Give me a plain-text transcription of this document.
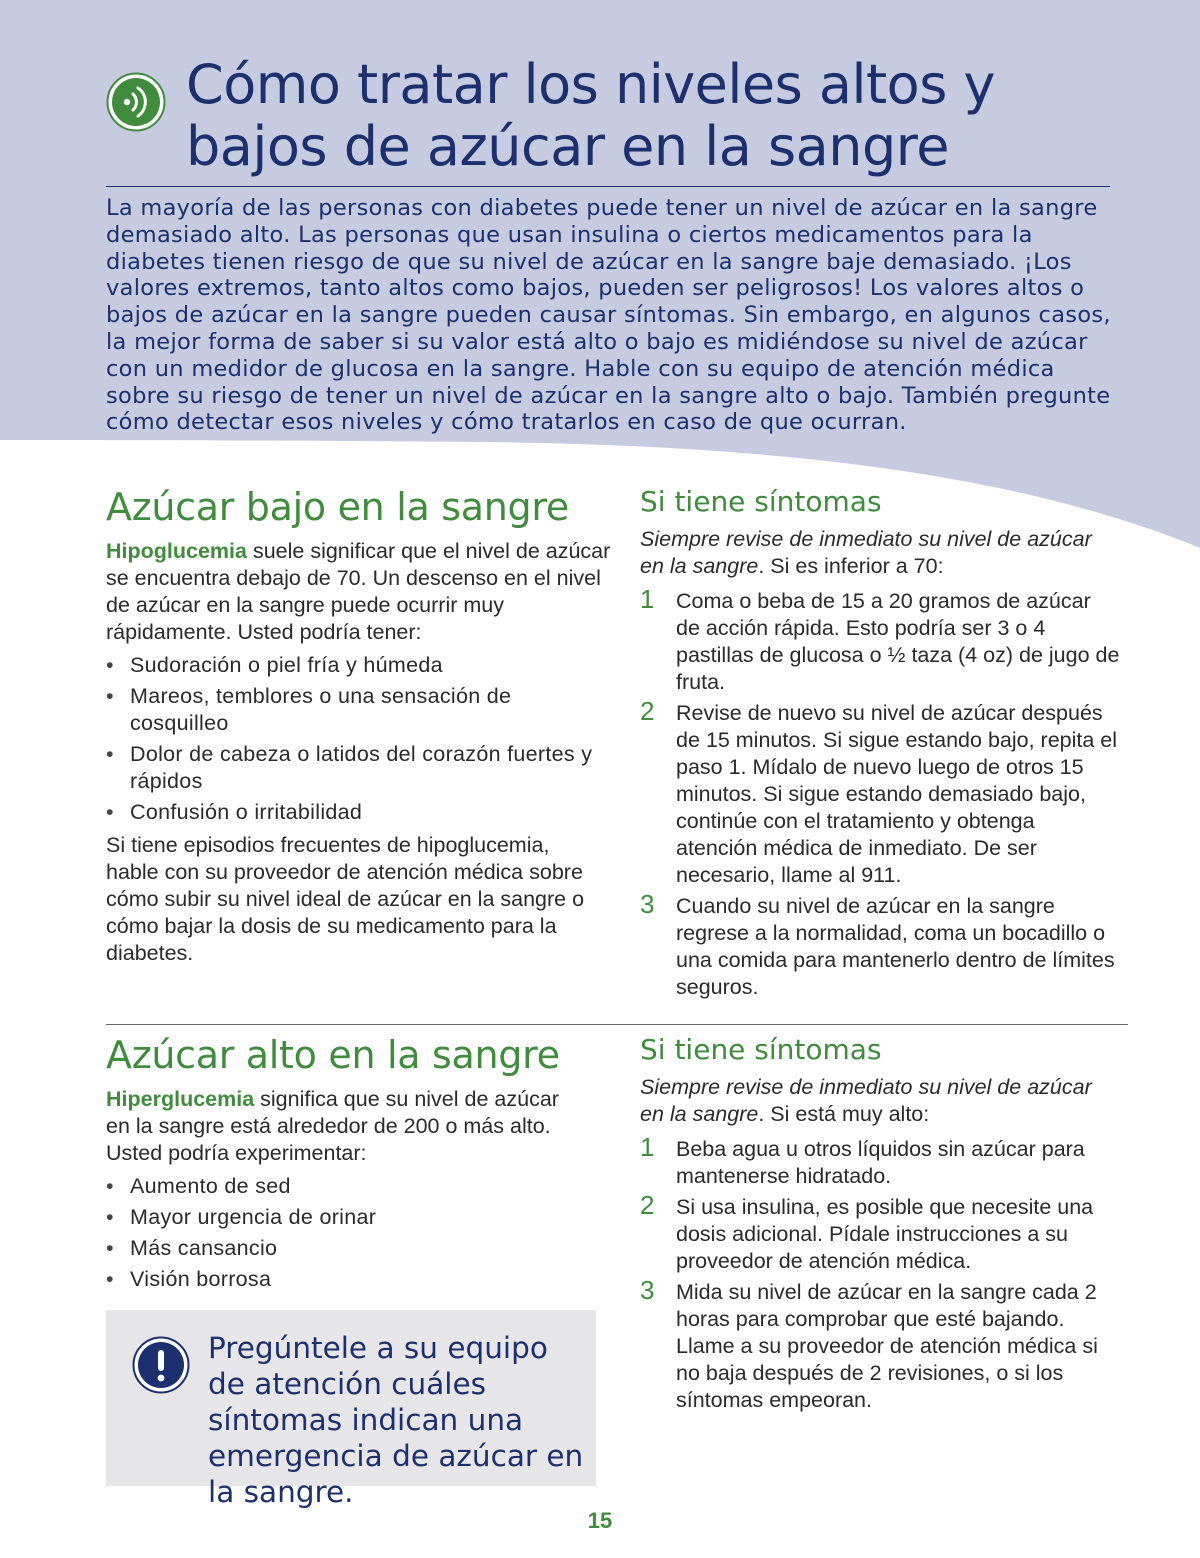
Cómo tratar los niveles altos y bajos de azúcar en la sangre

La mayoría de las personas con diabetes puede tener un nivel de azúcar en la sangre demasiado alto. Las personas que usan insulina o ciertos medicamentos para la diabetes tienen riesgo de que su nivel de azúcar en la sangre baje demasiado. ¡Los valores extremos, tanto altos como bajos, pueden ser peligrosos! Los valores altos o bajos de azúcar en la sangre pueden causar síntomas. Sin embargo, en algunos casos, la mejor forma de saber si su valor está alto o bajo es midiéndose su nivel de azúcar con un medidor de glucosa en la sangre. Hable con su equipo de atención médica sobre su riesgo de tener un nivel de azúcar en la sangre alto o bajo. También pregunte cómo detectar esos niveles y cómo tratarlos en caso de que ocurran.

Azúcar bajo en la sangre

Hipoglucemia suele significar que el nivel de azúcar se encuentra debajo de 70. Un descenso en el nivel de azúcar en la sangre puede ocurrir muy rápidamente. Usted podría tener:

• Sudoración o piel fría y húmeda
• Mareos, temblores o una sensación de cosquilleo
• Dolor de cabeza o latidos del corazón fuertes y rápidos
• Confusión o irritabilidad

Si tiene episodios frecuentes de hipoglucemia, hable con su proveedor de atención médica sobre cómo subir su nivel ideal de azúcar en la sangre o cómo bajar la dosis de su medicamento para la diabetes.

Si tiene síntomas

Siempre revise de inmediato su nivel de azúcar en la sangre. Si es inferior a 70:

1 Coma o beba de 15 a 20 gramos de azúcar de acción rápida. Esto podría ser 3 o 4 pastillas de glucosa o ½ taza (4 oz) de jugo de fruta.
2 Revise de nuevo su nivel de azúcar después de 15 minutos. Si sigue estando bajo, repita el paso 1. Mídalo de nuevo luego de otros 15 minutos. Si sigue estando demasiado bajo, continúe con el tratamiento y obtenga atención médica de inmediato. De ser necesario, llame al 911.
3 Cuando su nivel de azúcar en la sangre regrese a la normalidad, coma un bocadillo o una comida para mantenerlo dentro de límites seguros.
Azúcar alto en la sangre

Hiperglucemia significa que su nivel de azúcar en la sangre está alrededor de 200 o más alto. Usted podría experimentar:

• Aumento de sed
• Mayor urgencia de orinar
• Más cansancio
• Visión borrosa

Pregúntele a su equipo de atención cuáles síntomas indican una emergencia de azúcar en la sangre.

Si tiene síntomas

Siempre revise de inmediato su nivel de azúcar en la sangre. Si está muy alto:

1 Beba agua u otros líquidos sin azúcar para mantenerse hidratado.
2 Si usa insulina, es posible que necesite una dosis adicional. Pídale instrucciones a su proveedor de atención médica.
3 Mida su nivel de azúcar en la sangre cada 2 horas para comprobar que esté bajando. Llame a su proveedor de atención médica si no baja después de 2 revisiones, o si los síntomas empeoran.
15
